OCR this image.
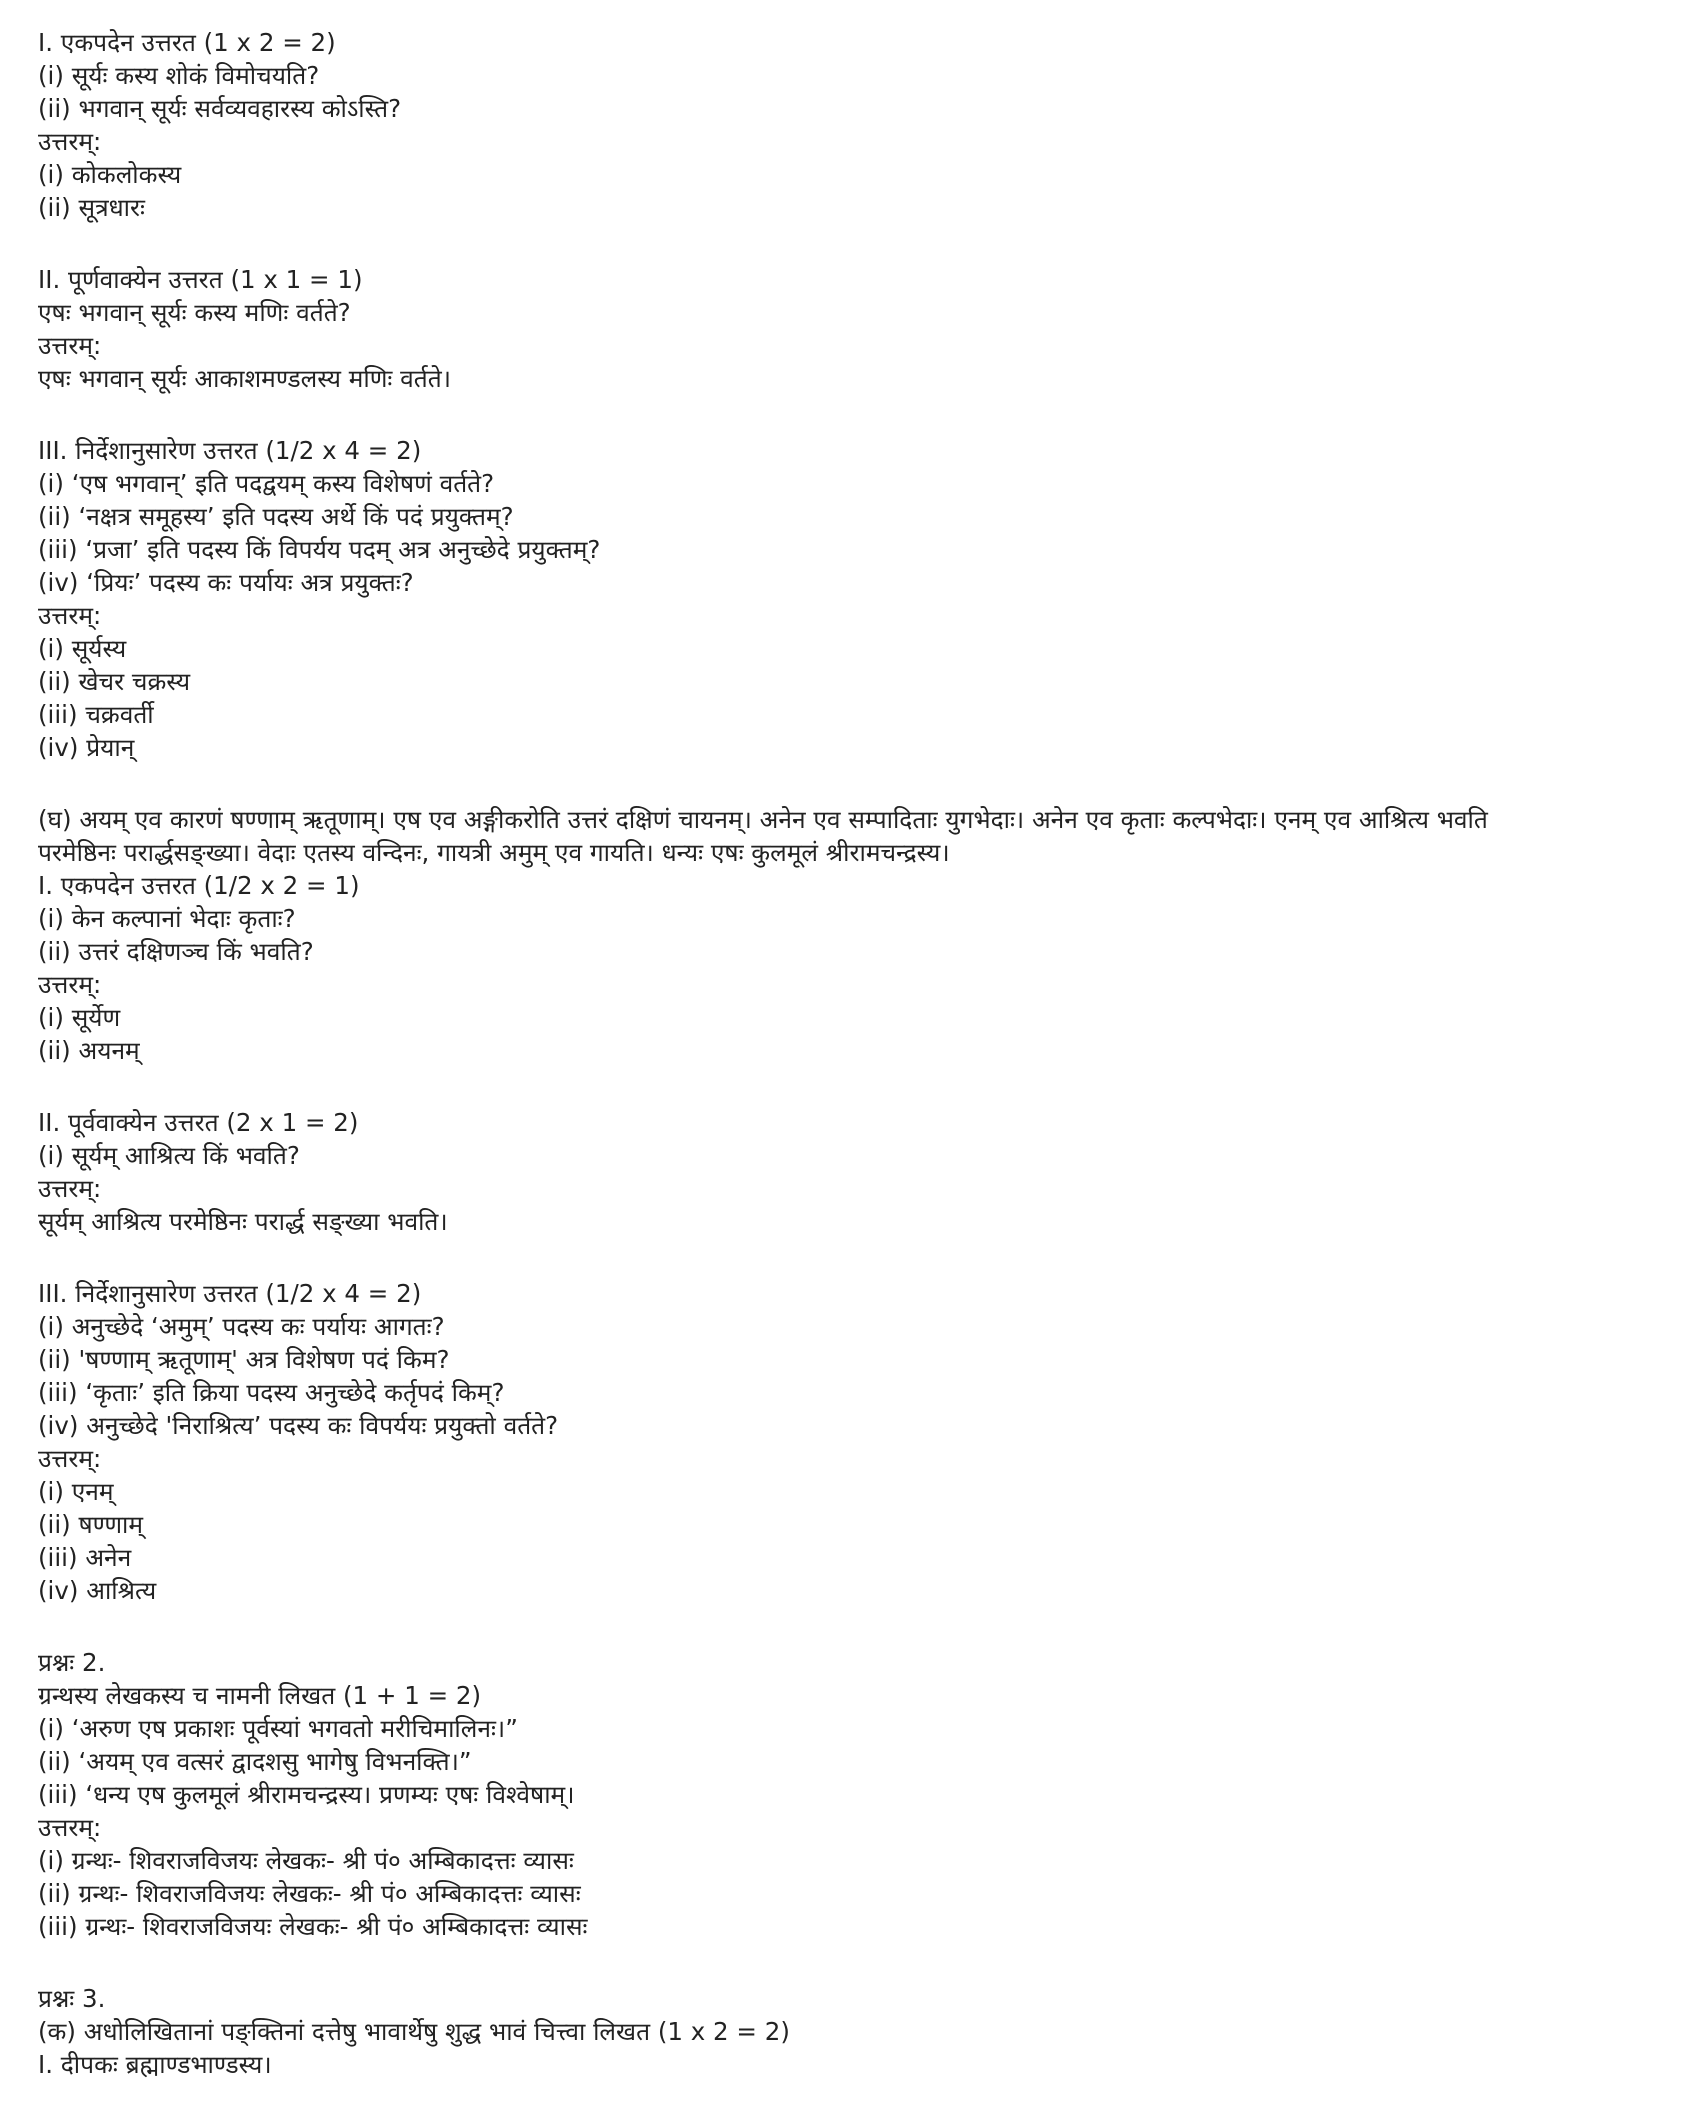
I. एकपदेन उत्तरत (1 x 2 = 2)
(i) सूर्यः कस्य शोकं विमोचयति?
(ii) भगवान् सूर्यः सर्वव्यवहारस्य कोऽस्ति?
उत्तरम्:
(i) कोकलोकस्य
(ii) सूत्रधारः
II. पूर्णवाक्येन उत्तरत (1 x 1 = 1)
एषः भगवान् सूर्यः कस्य मणिः वर्तते?
उत्तरम्:
एषः भगवान् सूर्यः आकाशमण्डलस्य मणिः वर्तते।
III. निर्देशानुसारेण उत्तरत (1/2 x 4 = 2)
(i) ‘एष भगवान्’ इति पदद्वयम् कस्य विशेषणं वर्तते?
(ii) ‘नक्षत्र समूहस्य’ इति पदस्य अर्थे किं पदं प्रयुक्तम्?
(iii) ‘प्रजा’ इति पदस्य किं विपर्यय पदम् अत्र अनुच्छेदे प्रयुक्तम्?
(iv) ‘प्रियः’ पदस्य कः पर्यायः अत्र प्रयुक्तः?
उत्तरम्:
(i) सूर्यस्य
(ii) खेचर चक्रस्य
(iii) चक्रवर्ती
(iv) प्रेयान्
(घ) अयम् एव कारणं षण्णाम् ऋतूणाम्। एष एव अङ्गीकरोति उत्तरं दक्षिणं चायनम्। अनेन एव सम्पादिताः युगभेदाः। अनेन एव कृताः कल्पभेदाः। एनम् एव आश्रित्य भवति
परमेष्ठिनः परार्द्धसङ्ख्या। वेदाः एतस्य वन्दिनः, गायत्री अमुम् एव गायति। धन्यः एषः कुलमूलं श्रीरामचन्द्रस्य।
I. एकपदेन उत्तरत (1/2 x 2 = 1)
(i) केन कल्पानां भेदाः कृताः?
(ii) उत्तरं दक्षिणञ्च किं भवति?
उत्तरम्:
(i) सूर्येण
(ii) अयनम्
II. पूर्ववाक्येन उत्तरत (2 x 1 = 2)
(i) सूर्यम् आश्रित्य किं भवति?
उत्तरम्:
सूर्यम् आश्रित्य परमेष्ठिनः परार्द्ध सङ्ख्या भवति।
III. निर्देशानुसारेण उत्तरत (1/2 x 4 = 2)
(i) अनुच्छेदे ‘अमुम्’ पदस्य कः पर्यायः आगतः?
(ii) 'षण्णाम् ऋतूणाम्' अत्र विशेषण पदं किम?
(iii) ‘कृताः’ इति क्रिया पदस्य अनुच्छेदे कर्तृपदं किम्?
(iv) अनुच्छेदे 'निराश्रित्य’ पदस्य कः विपर्ययः प्रयुक्तो वर्तते?
उत्तरम्:
(i) एनम्
(ii) षण्णाम्
(iii) अनेन
(iv) आश्रित्य
प्रश्नः 2.
ग्रन्थस्य लेखकस्य च नामनी लिखत (1 + 1 = 2)
(i) ‘अरुण एष प्रकाशः पूर्वस्यां भगवतो मरीचिमालिनः।”
(ii) ‘अयम् एव वत्सरं द्वादशसु भागेषु विभनक्ति।”
(iii) ‘धन्य एष कुलमूलं श्रीरामचन्द्रस्य। प्रणम्यः एषः विश्वेषाम्।
उत्तरम्:
(i) ग्रन्थः- शिवराजविजयः लेखकः- श्री पं० अम्बिकादत्तः व्यासः
(ii) ग्रन्थः- शिवराजविजयः लेखकः- श्री पं० अम्बिकादत्तः व्यासः
(iii) ग्रन्थः- शिवराजविजयः लेखकः- श्री पं० अम्बिकादत्तः व्यासः
प्रश्नः 3.
(क) अधोलिखितानां पङ्क्तिनां दत्तेषु भावार्थेषु शुद्ध भावं चित्त्वा लिखत (1 x 2 = 2)
I. दीपकः ब्रह्माण्डभाण्डस्य।
